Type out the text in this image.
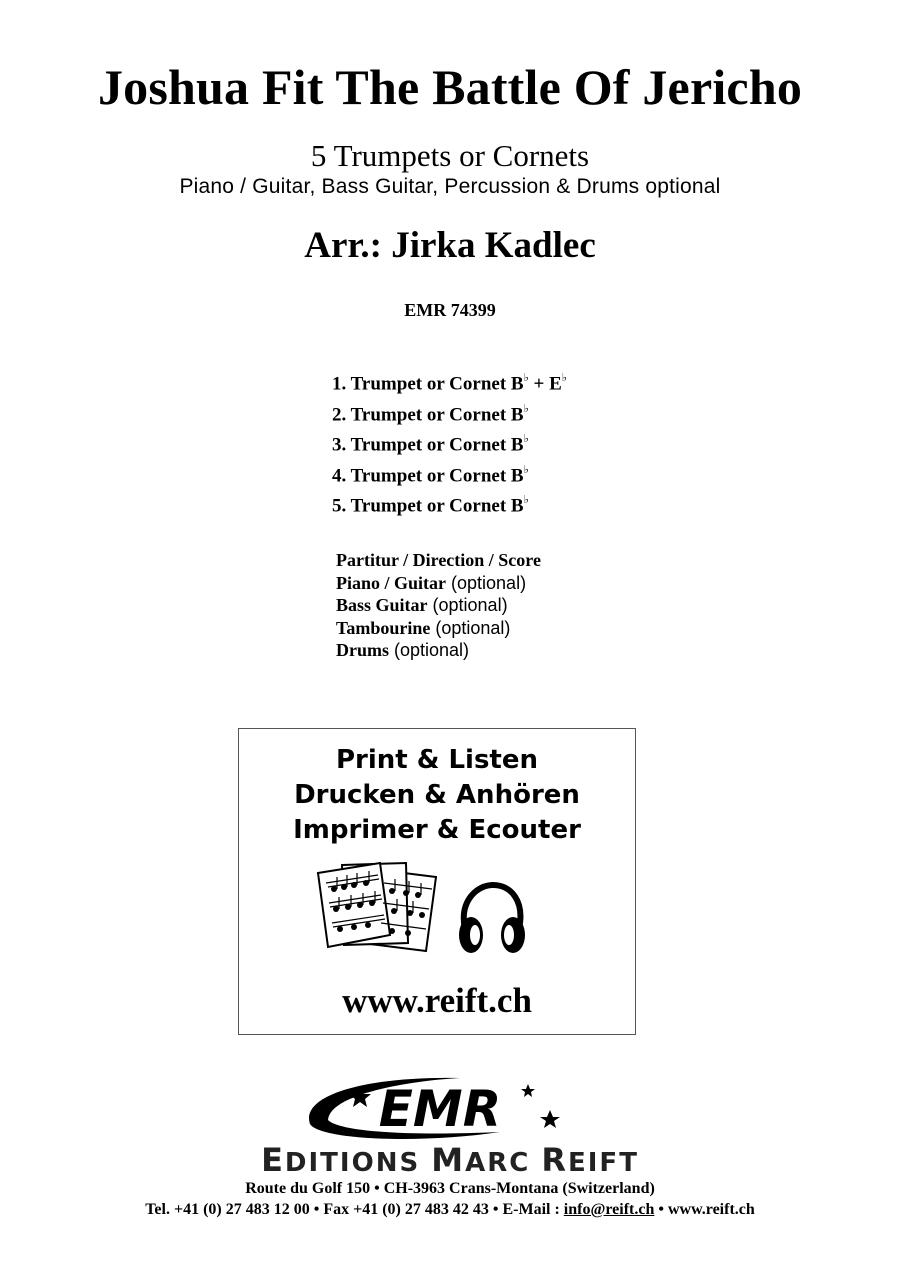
Joshua Fit The Battle Of Jericho
5 Trumpets or Cornets
Piano / Guitar, Bass Guitar, Percussion & Drums optional
Arr.: Jirka Kadlec
EMR 74399
1. Trumpet or Cornet B♭ + E♭
2. Trumpet or Cornet B♭
3. Trumpet or Cornet B♭
4. Trumpet or Cornet B♭
5. Trumpet or Cornet B♭
Partitur / Direction / Score
Piano / Guitar (optional)
Bass Guitar (optional)
Tambourine (optional)
Drums (optional)
Print & Listen
Drucken & Anhören
Imprimer & Ecouter
www.reift.ch
EMR
EDITIONS MARC REIFT
Route du Golf 150 • CH-3963 Crans-Montana (Switzerland)
Tel. +41 (0) 27 483 12 00 • Fax +41 (0) 27 483 42 43 • E-Mail : info@reift.ch • www.reift.ch
